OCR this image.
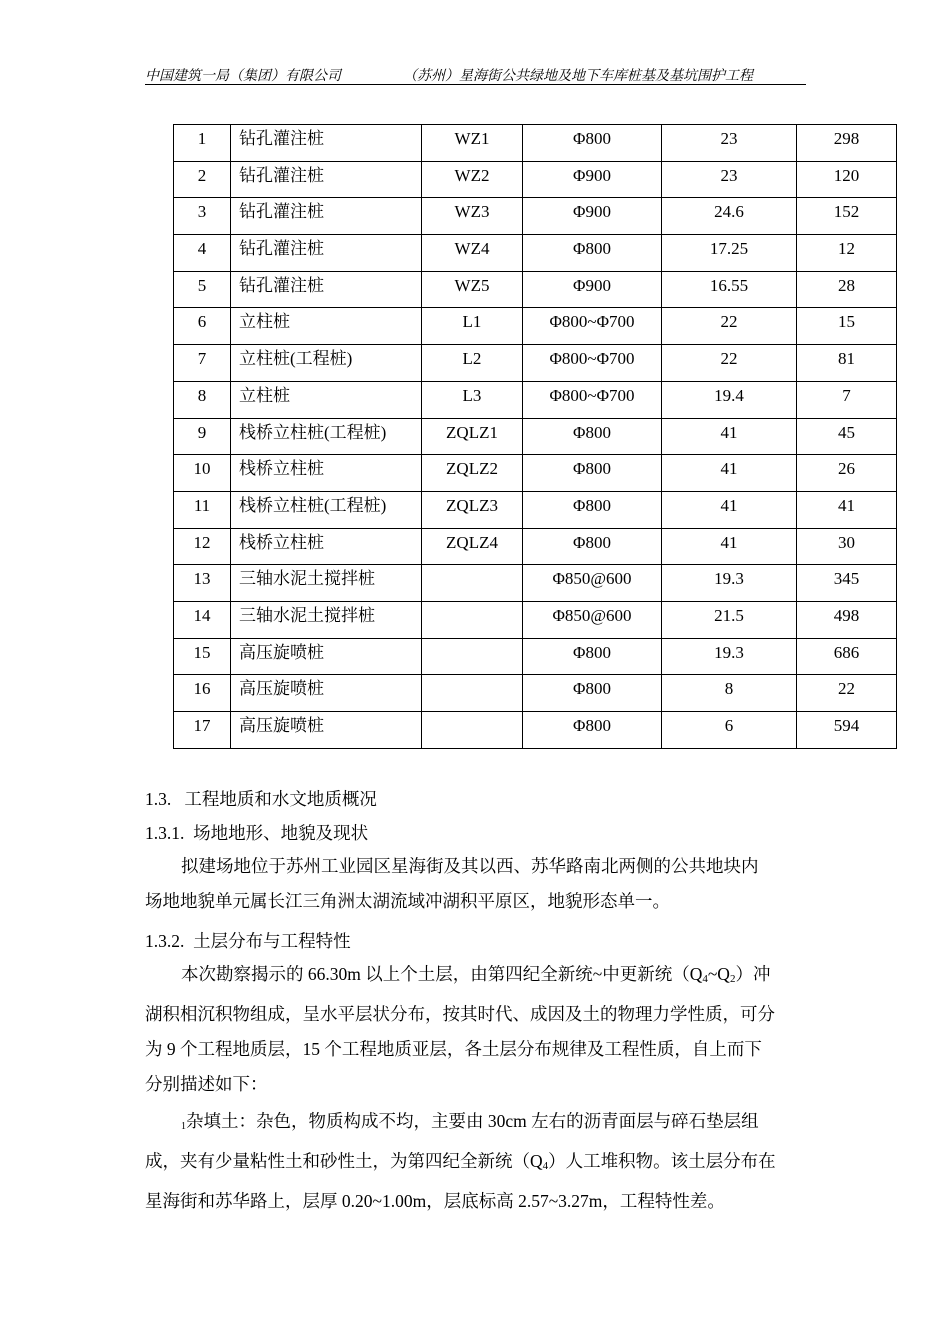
中国建筑一局（集团）有限公司	（苏州）星海街公共绿地及地下车库桩基及基坑围护工程
1	钻孔灌注桩	WZ1	Φ800	23	298

2	钻孔灌注桩	WZ2	Φ900	23	120

3	钻孔灌注桩	WZ3	Φ900	24.6	152

4	钻孔灌注桩	WZ4	Φ800	17.25	12

5	钻孔灌注桩	WZ5	Φ900	16.55	28

6	立柱桩	L1	Φ800~Φ700	22	15

7	立柱桩(工程桩)	L2	Φ800~Φ700	22	81

8	立柱桩	L3	Φ800~Φ700	19.4	7

9	栈桥立柱桩(工程桩)	ZQLZ1	Φ800	41	45

10	栈桥立柱桩	ZQLZ2	Φ800	41	26

11	栈桥立柱桩(工程桩)	ZQLZ3	Φ800	41	41

12	栈桥立柱桩	ZQLZ4	Φ800	41	30

13	三轴水泥土搅拌桩		Φ850@600	19.3	345

14	三轴水泥土搅拌桩		Φ850@600	21.5	498

15	高压旋喷桩		Φ800	19.3	686

16	高压旋喷桩		Φ800	8	22

17	高压旋喷桩		Φ800	6	594
1.3.   工程地质和水文地质概况
1.3.1.  场地地形、地貌及现状
拟建场地位于苏州工业园区星海街及其以西、苏华路南北两侧的公共地块内
场地地貌单元属长江三角洲太湖流域冲湖积平原区，地貌形态单一。
1.3.2.  土层分布与工程特性
本次勘察揭示的 66.30m 以上个土层，由第四纪全新统~中更新统$(Q_4\sim Q_2)$冲
湖积相沉积物组成，呈水平层状分布，按其时代、成因及土的物理力学性质，可分
为 9 个工程地质层，15 个工程地质亚层，各土层分布规律及工程性质，自上而下
分别描述如下：
$_1$杂填土：杂色，物质构成不均，主要由 30cm 左右的沥青面层与碎石垫层组
成，夹有少量粘性土和砂性土，为第四纪全新统$(Q_4)$人工堆积物。该土层分布在
星海街和苏华路上，层厚 0.20~1.00m，层底标高 2.57~3.27m，工程特性差。
